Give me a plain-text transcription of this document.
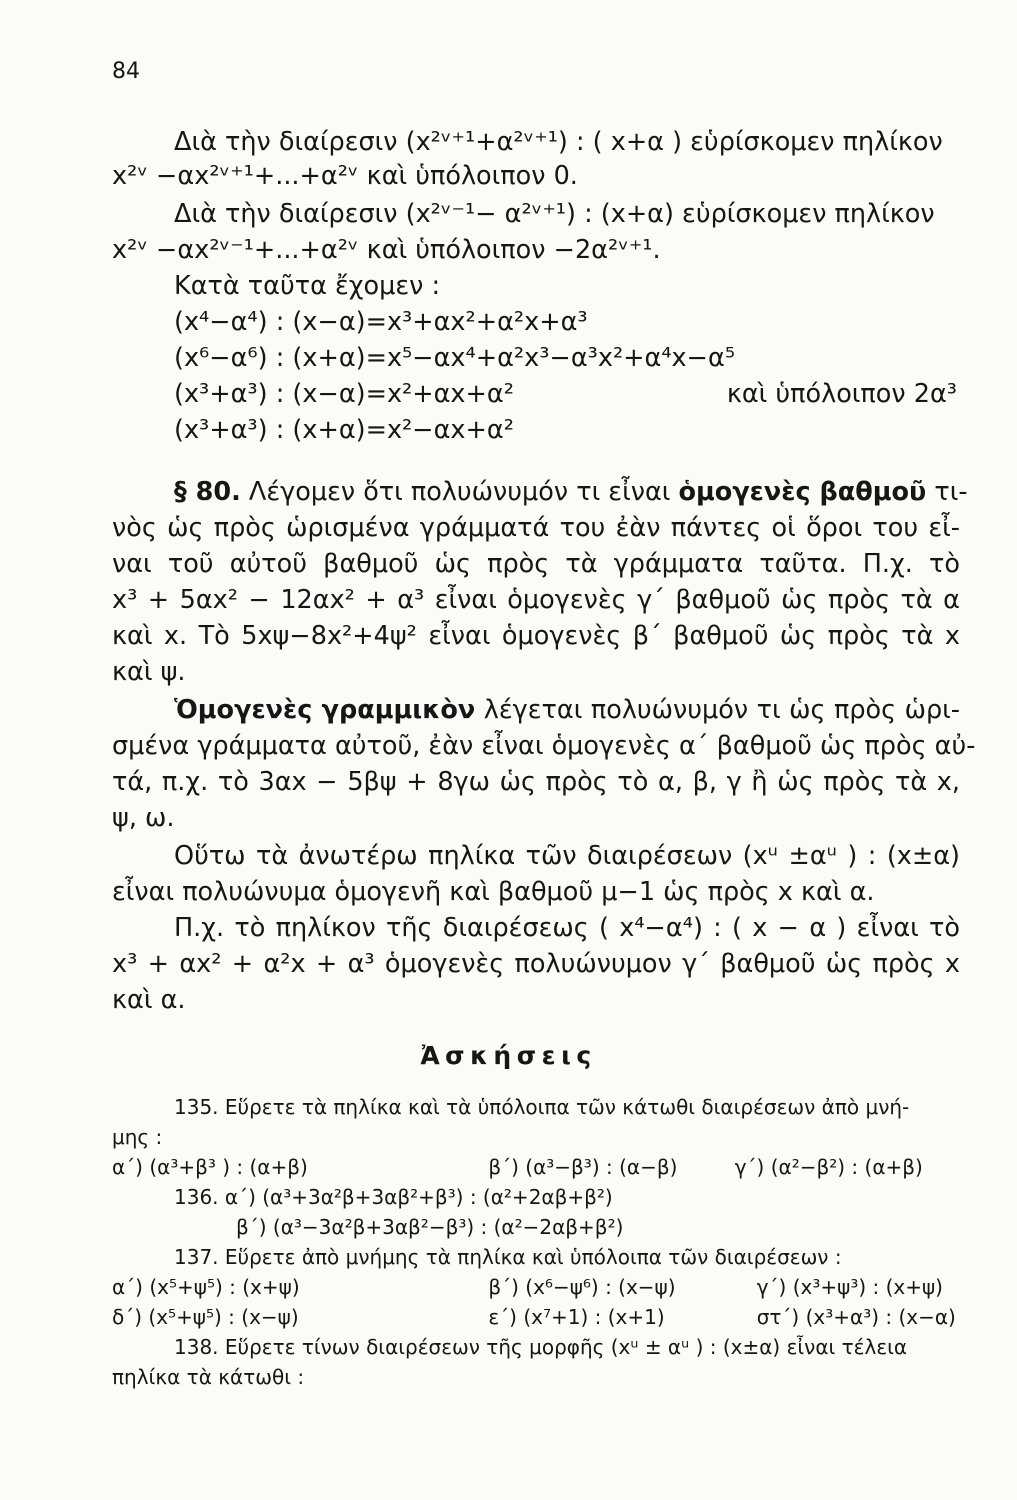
84
Διὰ τὴν διαίρεσιν (x²ᵛ⁺¹+α²ᵛ⁺¹) : ( x+α ) εὑρίσκομεν πηλίκον
x²ᵛ −αx²ᵛ⁺¹+...+α²ᵛ καὶ ὑπόλοιπον 0.
Διὰ τὴν διαίρεσιν (x²ᵛ⁻¹− α²ᵛ⁺¹) : (x+α) εὑρίσκομεν πηλίκον
x²ᵛ −αx²ᵛ⁻¹+...+α²ᵛ καὶ ὑπόλοιπον −2α²ᵛ⁺¹.
Κατὰ ταῦτα ἔχομεν :
(x⁴−α⁴) : (x−α)=x³+αx²+α²x+α³
(x⁶−α⁶) : (x+α)=x⁵−αx⁴+α²x³−α³x²+α⁴x−α⁵
(x³+α³) : (x−α)=x²+αx+α²	καὶ ὑπόλοιπον 2α³
(x³+α³) : (x+α)=x²−αx+α²
§ 80. Λέγομεν ὅτι πολυώνυμόν τι εἶναι ὁμογενὲς βαθμοῦ τι-
νὸς ὡς πρὸς ὡρισμένα γράμματά του ἐὰν πάντες οἱ ὅροι του εἶ-
ναι τοῦ αὐτοῦ βαθμοῦ ὡς πρὸς τὰ γράμματα ταῦτα. Π.χ. τὸ
x³ + 5αx² − 12αx² + α³ εἶναι ὁμογενὲς γ΄ βαθμοῦ ὡς πρὸς τὰ α
καὶ x. Τὸ 5xψ−8x²+4ψ² εἶναι ὁμογενὲς β΄ βαθμοῦ ὡς πρὸς τὰ x
καὶ ψ.
Ὁμογενὲς γραμμικὸν λέγεται πολυώνυμόν τι ὡς πρὸς ὡρι-
σμένα γράμματα αὐτοῦ, ἐὰν εἶναι ὁμογενὲς α΄ βαθμοῦ ὡς πρὸς αὐ-
τά, π.χ. τὸ 3αx − 5βψ + 8γω ὡς πρὸς τὸ α, β, γ ἢ ὡς πρὸς τὰ x,
ψ, ω.
Οὕτω τὰ ἀνωτέρω πηλίκα τῶν διαιρέσεων (xᵘ ±αᵘ ) : (x±α)
εἶναι πολυώνυμα ὁμογενῆ καὶ βαθμοῦ μ−1 ὡς πρὸς x καὶ α.
Π.χ. τὸ πηλίκον τῆς διαιρέσεως ( x⁴−α⁴) : ( x − α ) εἶναι τὸ
x³ + αx² + α²x + α³ ὁμογενὲς πολυώνυμον γ΄ βαθμοῦ ὡς πρὸς x
καὶ α.
Ἀσκήσεις
135. Εὕρετε τὰ πηλίκα καὶ τὰ ὑπόλοιπα τῶν κάτωθι διαιρέσεων ἀπὸ μνή-
μης :
α΄) (α³+β³ ) : (α+β)	β΄) (α³−β³) : (α−β)	γ΄) (α²−β²) : (α+β)
136. α΄) (α³+3α²β+3αβ²+β³) : (α²+2αβ+β²)
β΄) (α³−3α²β+3αβ²−β³) : (α²−2αβ+β²)
137. Εὕρετε ἀπὸ μνήμης τὰ πηλίκα καὶ ὑπόλοιπα τῶν διαιρέσεων :
α΄) (x⁵+ψ⁵) : (x+ψ)	β΄) (x⁶−ψ⁶) : (x−ψ)	γ΄) (x³+ψ³) : (x+ψ)
δ΄) (x⁵+ψ⁵) : (x−ψ)	ε΄) (x⁷+1) : (x+1)	στ΄) (x³+α³) : (x−α)
138. Εὕρετε τίνων διαιρέσεων τῆς μορφῆς (xᵘ ± αᵘ ) : (x±α) εἶναι τέλεια
πηλίκα τὰ κάτωθι :
